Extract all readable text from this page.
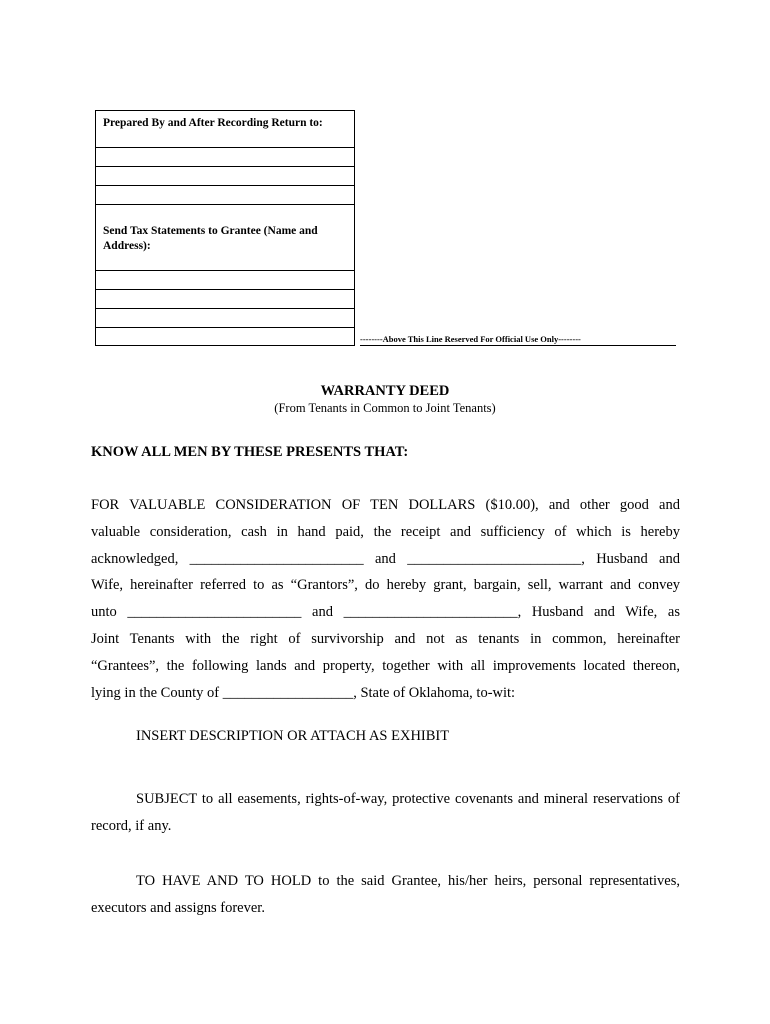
Prepared By and After Recording Return to:
Send Tax Statements to Grantee (Name and
Address):
--------Above This Line Reserved For Official Use Only--------
WARRANTY DEED
(From Tenants in Common to Joint Tenants)
KNOW ALL MEN BY THESE PRESENTS THAT:
FOR VALUABLE CONSIDERATION OF TEN DOLLARS ($10.00), and other good and
valuable consideration, cash in hand paid, the receipt and sufficiency of which is hereby
acknowledged, ________________________ and ________________________, Husband and
Wife, hereinafter referred to as “Grantors”, do hereby grant, bargain, sell, warrant and convey
unto ________________________ and ________________________, Husband and Wife, as
Joint Tenants with the right of survivorship and not as tenants in common, hereinafter
“Grantees”, the following lands and property, together with all improvements located thereon,
lying in the County of __________________, State of Oklahoma, to-wit:
INSERT DESCRIPTION OR ATTACH AS EXHIBIT
SUBJECT to all easements, rights-of-way, protective covenants and mineral reservations of
record, if any.
TO HAVE AND TO HOLD to the said Grantee, his/her heirs, personal representatives,
executors and assigns forever.
